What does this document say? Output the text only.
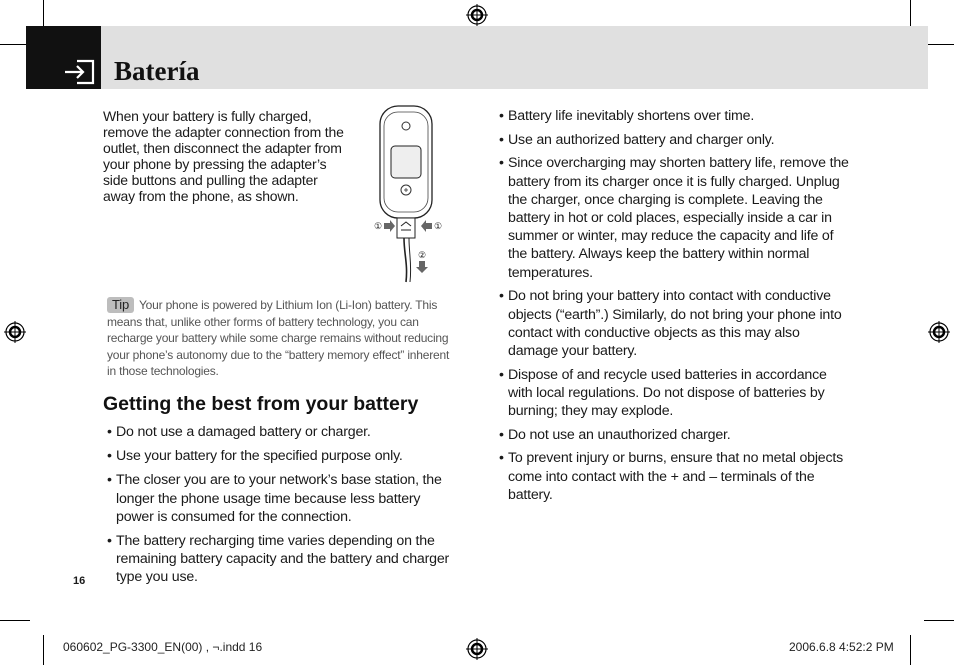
Batería
When your battery is fully charged, remove the adapter connection from the outlet, then disconnect the adapter from your phone by pressing the adapter’s side buttons and pulling the adapter away from the phone, as shown.
①	①
②
Tip Your phone is powered by Lithium Ion (Li-Ion) battery. This means that, unlike other forms of battery technology, you can recharge your battery while some charge remains without reducing your phone’s autonomy due to the “battery memory effect” inherent in those technologies.
Getting the best from your battery
• Do not use a damaged battery or charger.
• Use your battery for the specified purpose only.
• The closer you are to your network’s base station, the longer the phone usage time because less battery power is consumed for the connection.
• The battery recharging time varies depending on the remaining battery capacity and the battery and charger type you use.
• Battery life inevitably shortens over time.
• Use an authorized battery and charger only.
• Since overcharging may shorten battery life, remove the battery from its charger once it is fully charged. Unplug the charger, once charging is complete. Leaving the battery in hot or cold places, especially inside a car in summer or winter, may reduce the capacity and life of the battery. Always keep the battery within normal temperatures.
• Do not bring your battery into contact with conductive objects (“earth”.) Similarly, do not bring your phone into contact with conductive objects as this may also damage your battery.
• Dispose of and recycle used batteries in accordance with local regulations. Do not dispose of batteries by burning; they may explode.
• Do not use an unauthorized charger.
• To prevent injury or burns, ensure that no metal objects come into contact with the + and – terminals of the battery.
16
060602_PG-3300_EN(00) , ¬.indd 16	2006.6.8 4:52:2 PM
